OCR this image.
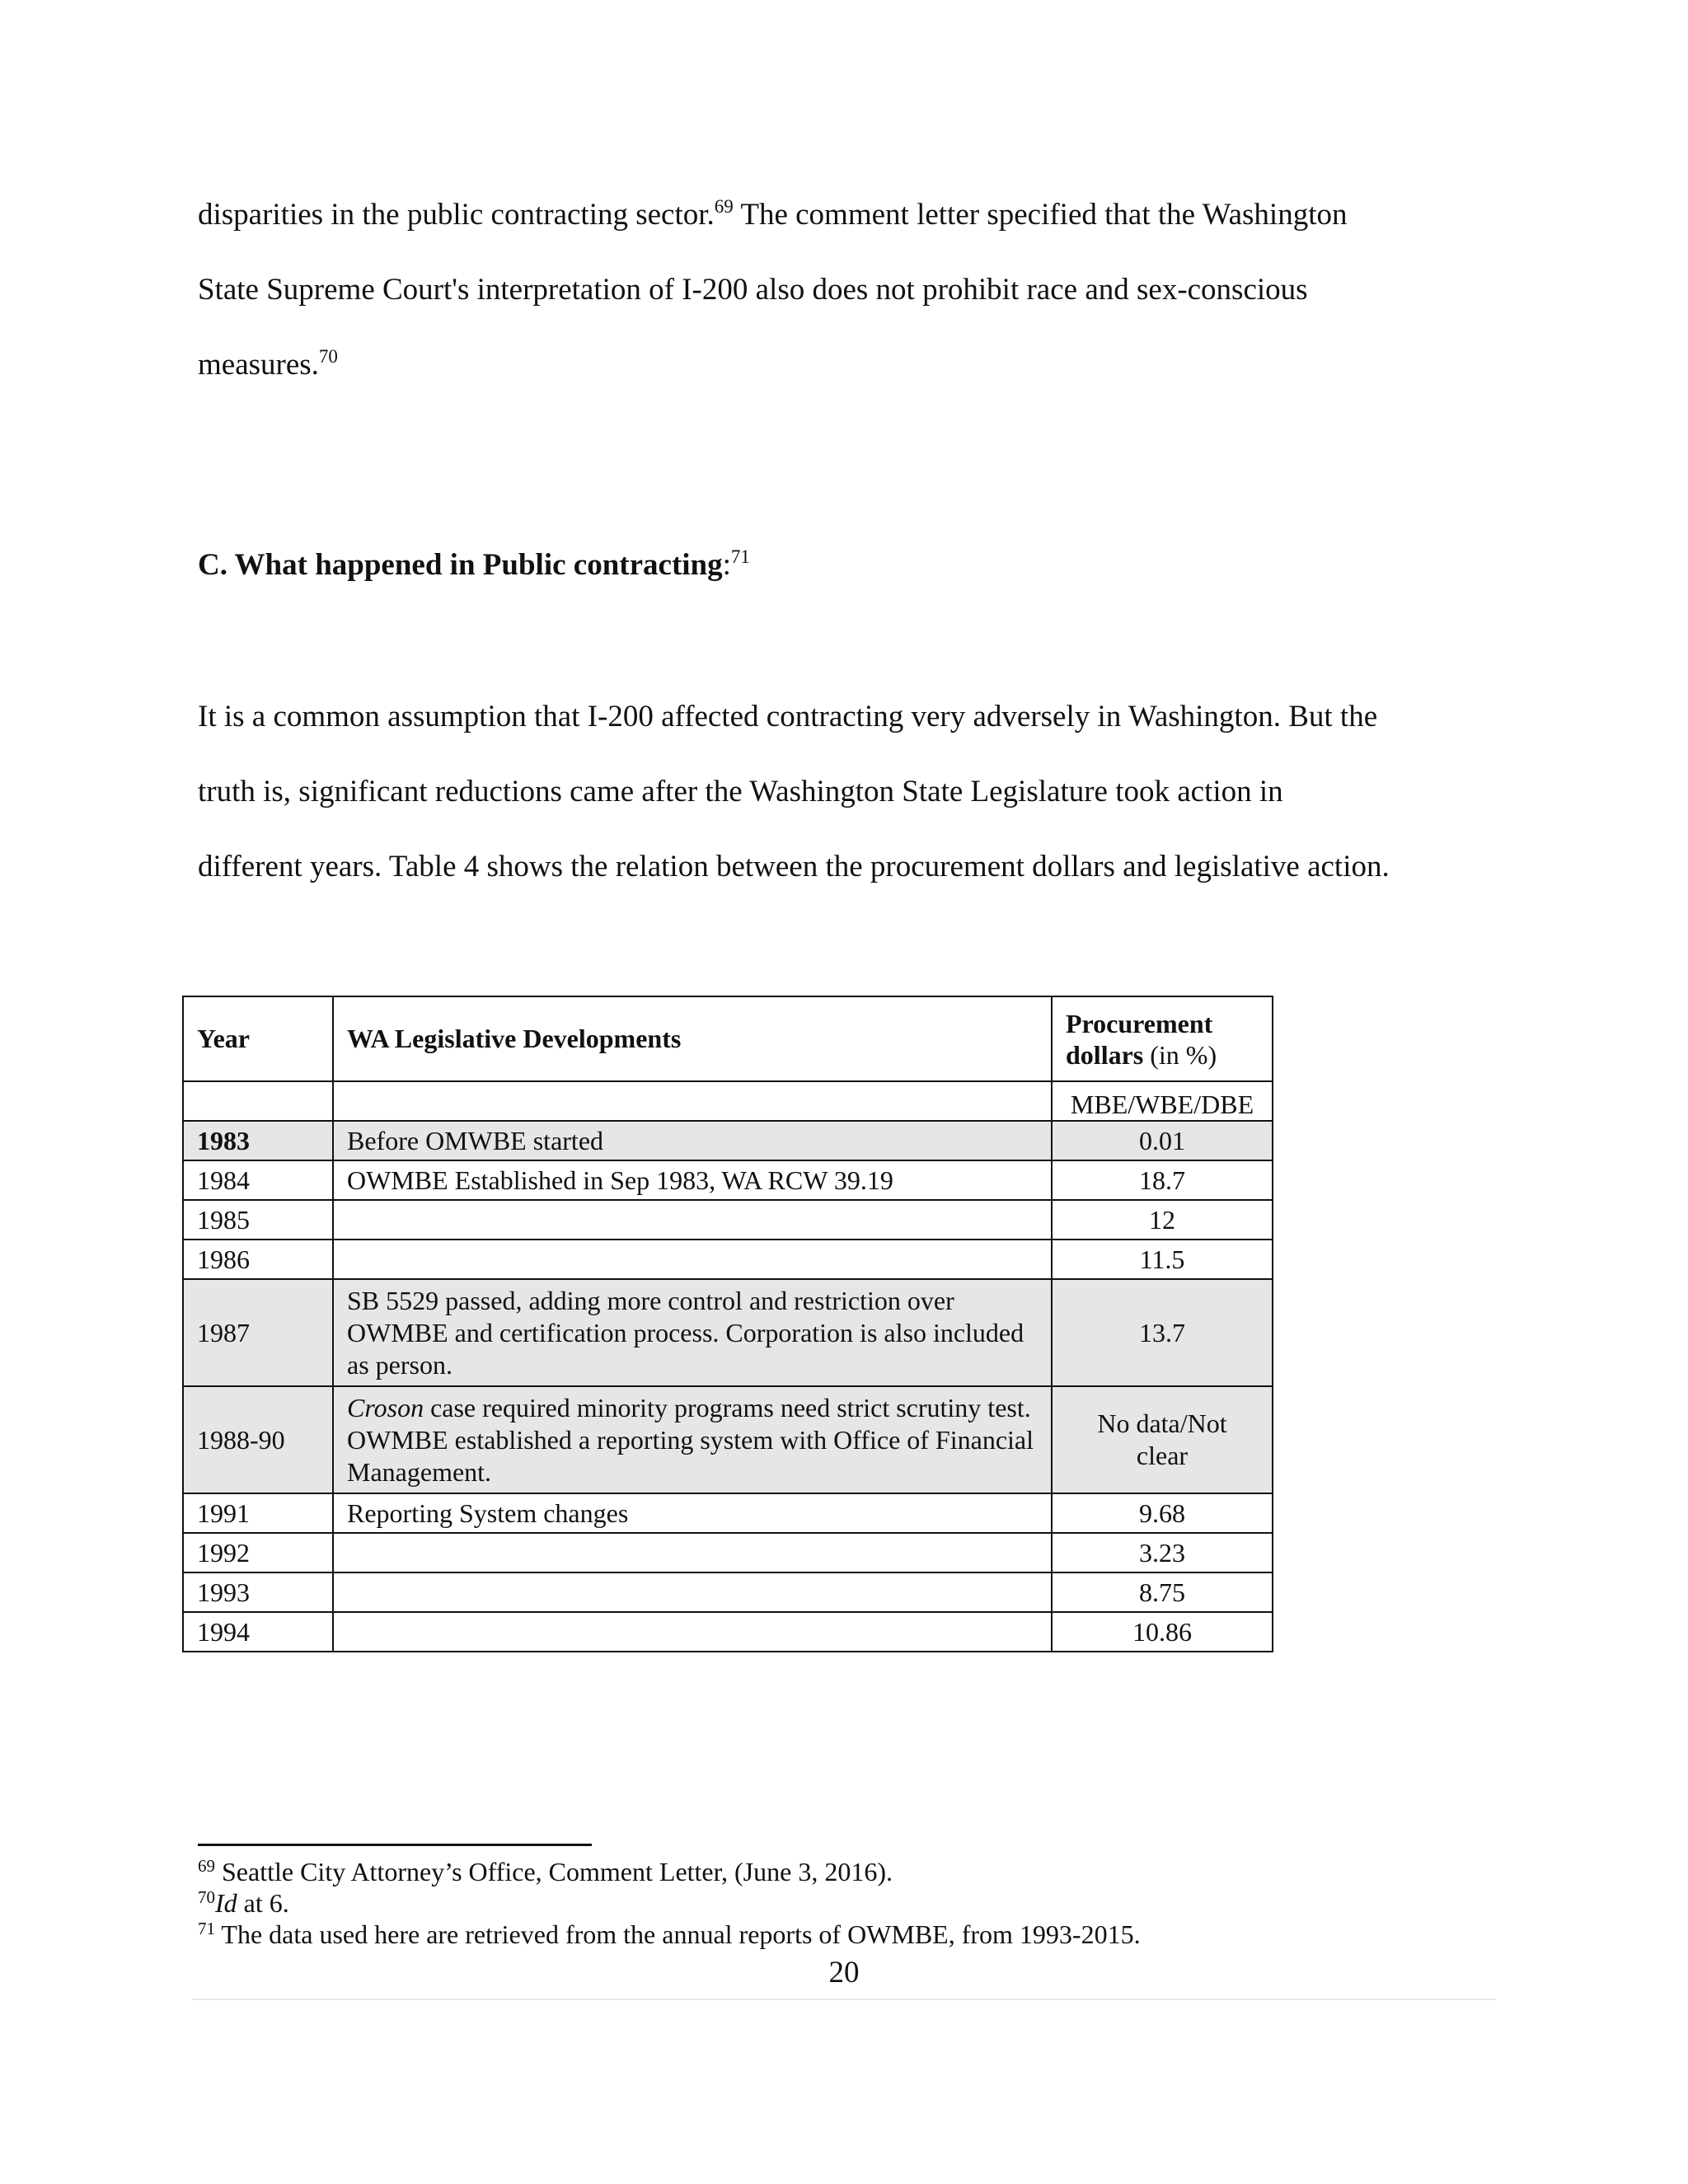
disparities in the public contracting sector.$^{69}$ The comment letter specified that the Washington
State Supreme Court's interpretation of I-200 also does not prohibit race and sex-conscious
measures.$^{70}$
C. What happened in Public contracting:$^{71}$
It is a common assumption that I-200 affected contracting very adversely in Washington. But the
truth is, significant reductions came after the Washington State Legislature took action in
different years. Table 4 shows the relation between the procurement dollars and legislative action.
Year	WA Legislative Developments	Procurement
dollars (in %)

		MBE/WBE/DBE
1983	Before OMWBE started	0.01
1984	OWMBE Established in Sep 1983, WA RCW 39.19	18.7
1985		12
1986		11.5
1987	SB 5529 passed, adding more control and restriction over OWMBE and certification process. Corporation is also included as person.	13.7
1988-90	Croson case required minority programs need strict scrutiny test. OWMBE established a reporting system with Office of Financial Management.	No data/Not
clear

1991	Reporting System changes	9.68
1992		3.23
1993		8.75
1994		10.86
$^{69}$ Seattle City Attorney’s Office, Comment Letter, (June 3, 2016).
$^{70}$Id at 6.
$^{71}$ The data used here are retrieved from the annual reports of OWMBE, from 1993-2015.
20
